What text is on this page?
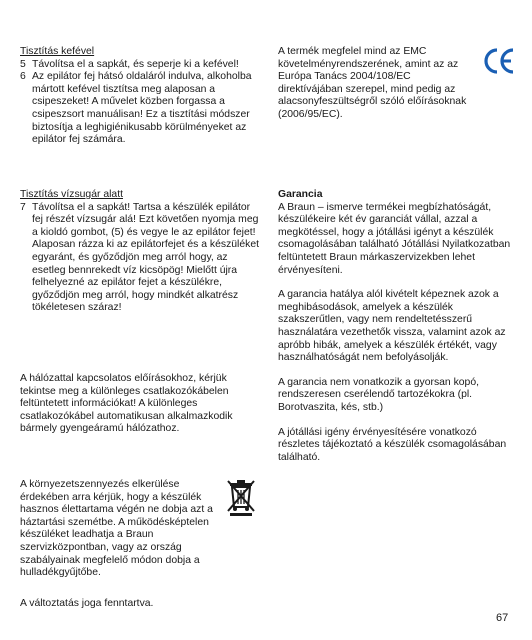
Tisztítás kefével

5 Távolítsa el a sapkát, és seperje ki a kefével!
6 Az epilátor fej hátsó oldaláról indulva, alkoholba mártott kefével tisztítsa meg alaposan a csipeszeket! A művelet közben forgassa a csipeszsort manuálisan! Ez a tisztítási módszer biztosítja a leghigiénikusabb körülményeket az epilátor fej számára.

Tisztítás vízsugár alatt

7 Távolítsa el a sapkát! Tartsa a készülék epilátor fej részét vízsugár alá! Ezt követően nyomja meg a kioldó gombot, (5) és vegye le az epilátor fejet! Alaposan rázza ki az epilátorfejet és a készüléket egyaránt, és győződjön meg arról hogy, az esetleg bennrekedt víz kicsöpög! Mielőtt újra felhelyezné az epilátor fejet a készülékre, győződjön meg arról, hogy mindkét alkatrész tökéletesen száraz!

A hálózattal kapcsolatos előírásokhoz, kérjük tekintse meg a különleges csatlakozókábelen feltüntetett információkat! A különleges csatlakozókábel automatikusan alkalmazkodik bármely gyengeáramú hálózathoz.

A környezetszennyezés elkerülése érdekében arra kérjük, hogy a készülék hasznos élettartama végén ne dobja azt a háztartási szemétbe. A működésképtelen készüléket leadhatja a Braun szervizközpontban, vagy az ország szabályainak megfelelő módon dobja a hulladékgyűjtőbe.

A változtatás joga fenntartva.

A termék megfelel mind az EMC követelményrendszerének, amint az az Európa Tanács 2004/108/EC direktívájában szerepel, mind pedig az alacsonyfeszültségről szóló előírásoknak (2006/95/EC).

Garancia

A Braun – ismerve termékei megbízhatóságát, készülékeire két év garanciát vállal, azzal a megkötéssel, hogy a jótállási igényt a készülék csomagolásában található Jótállási Nyilatkozatban feltüntetett Braun márkaszervizekben lehet érvényesíteni.

A garancia hatálya alól kivételt képeznek azok a meghibásodások, amelyek a készülék szakszerűtlen, vagy nem rendeltetésszerű használatára vezethetők vissza, valamint azok az apróbb hibák, amelyek a készülék értékét, vagy használhatóságát nem befolyásolják.

A garancia nem vonatkozik a gyorsan kopó, rendszeresen cserélendő tartozékokra (pl. Borotvaszita, kés, stb.)

A jótállási igény érvényesítésére vonatkozó részletes tájékoztató a készülék csomagolásában található.

67
